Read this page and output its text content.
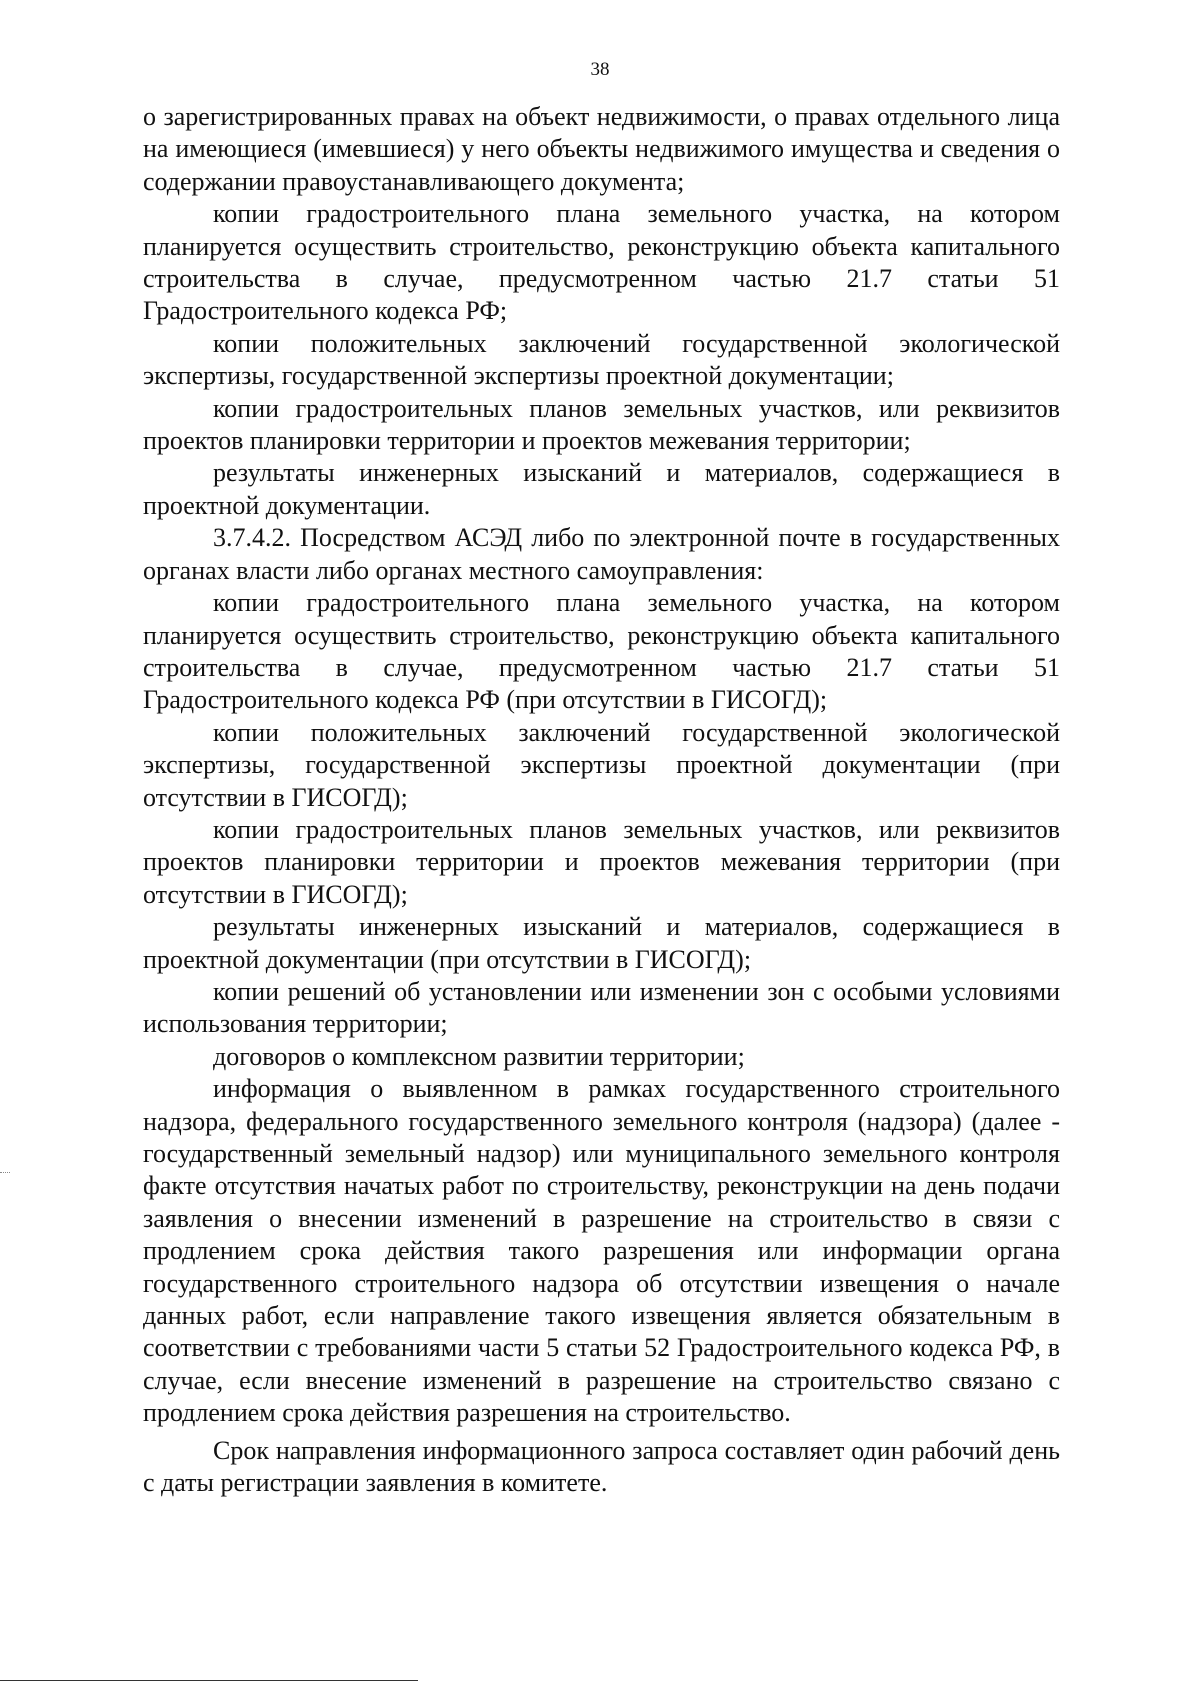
38

о зарегистрированных правах на объект недвижимости, о правах отдельного лица на имеющиеся (имевшиеся) у него объекты недвижимого имущества и сведения о содержании правоустанавливающего документа;

копии градостроительного плана земельного участка, на котором планируется осуществить строительство, реконструкцию объекта капитального строительства в случае, предусмотренном частью 21.7 статьи 51 Градостроительного кодекса РФ;

копии положительных заключений государственной экологической экспертизы, государственной экспертизы проектной документации;

копии градостроительных планов земельных участков, или реквизитов проектов планировки территории и проектов межевания территории;

результаты инженерных изысканий и материалов, содержащиеся в проектной документации.

3.7.4.2. Посредством АСЭД либо по электронной почте в государственных органах власти либо органах местного самоуправления:

копии градостроительного плана земельного участка, на котором планируется осуществить строительство, реконструкцию объекта капитального строительства в случае, предусмотренном частью 21.7 статьи 51 Градостроительного кодекса РФ (при отсутствии в ГИСОГД);

копии положительных заключений государственной экологической экспертизы, государственной экспертизы проектной документации (при отсутствии в ГИСОГД);

копии градостроительных планов земельных участков, или реквизитов проектов планировки территории и проектов межевания территории (при отсутствии в ГИСОГД);

результаты инженерных изысканий и материалов, содержащиеся в проектной документации (при отсутствии в ГИСОГД);

копии решений об установлении или изменении зон с особыми условиями использования территории;

договоров о комплексном развитии территории;

информация о выявленном в рамках государственного строительного надзора, федерального государственного земельного контроля (надзора) (далее - государственный земельный надзор) или муниципального земельного контроля факте отсутствия начатых работ по строительству, реконструкции на день подачи заявления о внесении изменений в разрешение на строительство в связи с продлением срока действия такого разрешения или информации органа государственного строительного надзора об отсутствии извещения о начале данных работ, если направление такого извещения является обязательным в соответствии с требованиями части 5 статьи 52 Градостроительного кодекса РФ, в случае, если внесение изменений в разрешение на строительство связано с продлением срока действия разрешения на строительство.

Срок направления информационного запроса составляет один рабочий день с даты регистрации заявления в комитете.
